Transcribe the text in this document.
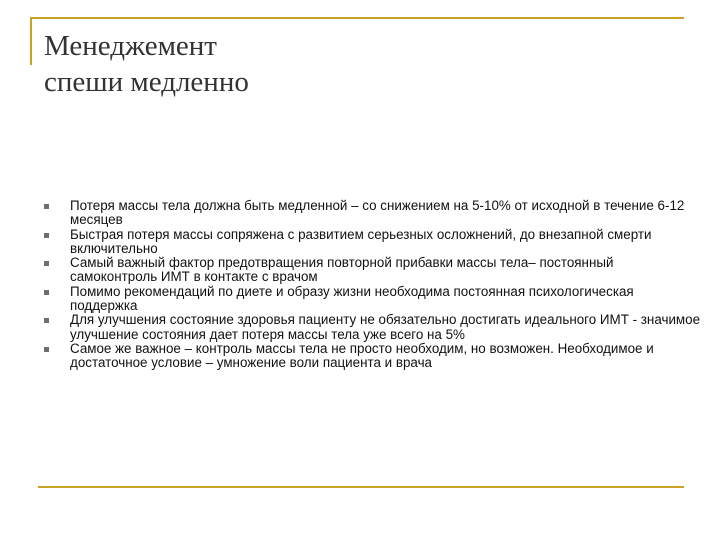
Менеджемент
спеши медленно
Потеря массы тела должна быть медленной – со снижением на 5-10% от исходной в течение 6-12 месяцев
Быстрая потеря массы сопряжена с развитием серьезных осложнений, до внезапной смерти включительно
Самый важный фактор предотвращения повторной прибавки массы тела– постоянный самоконтроль ИМТ в контакте с врачом
Помимо рекомендаций по диете и образу жизни необходима постоянная психологическая поддержка
Для улучшения состояние здоровья пациенту не обязательно достигать идеального ИМТ - значимое улучшение состояния дает потеря массы тела уже всего на 5%
Самое же важное – контроль массы тела не просто необходим, но возможен. Необходимое и достаточное условие – умножение воли пациента и врача
